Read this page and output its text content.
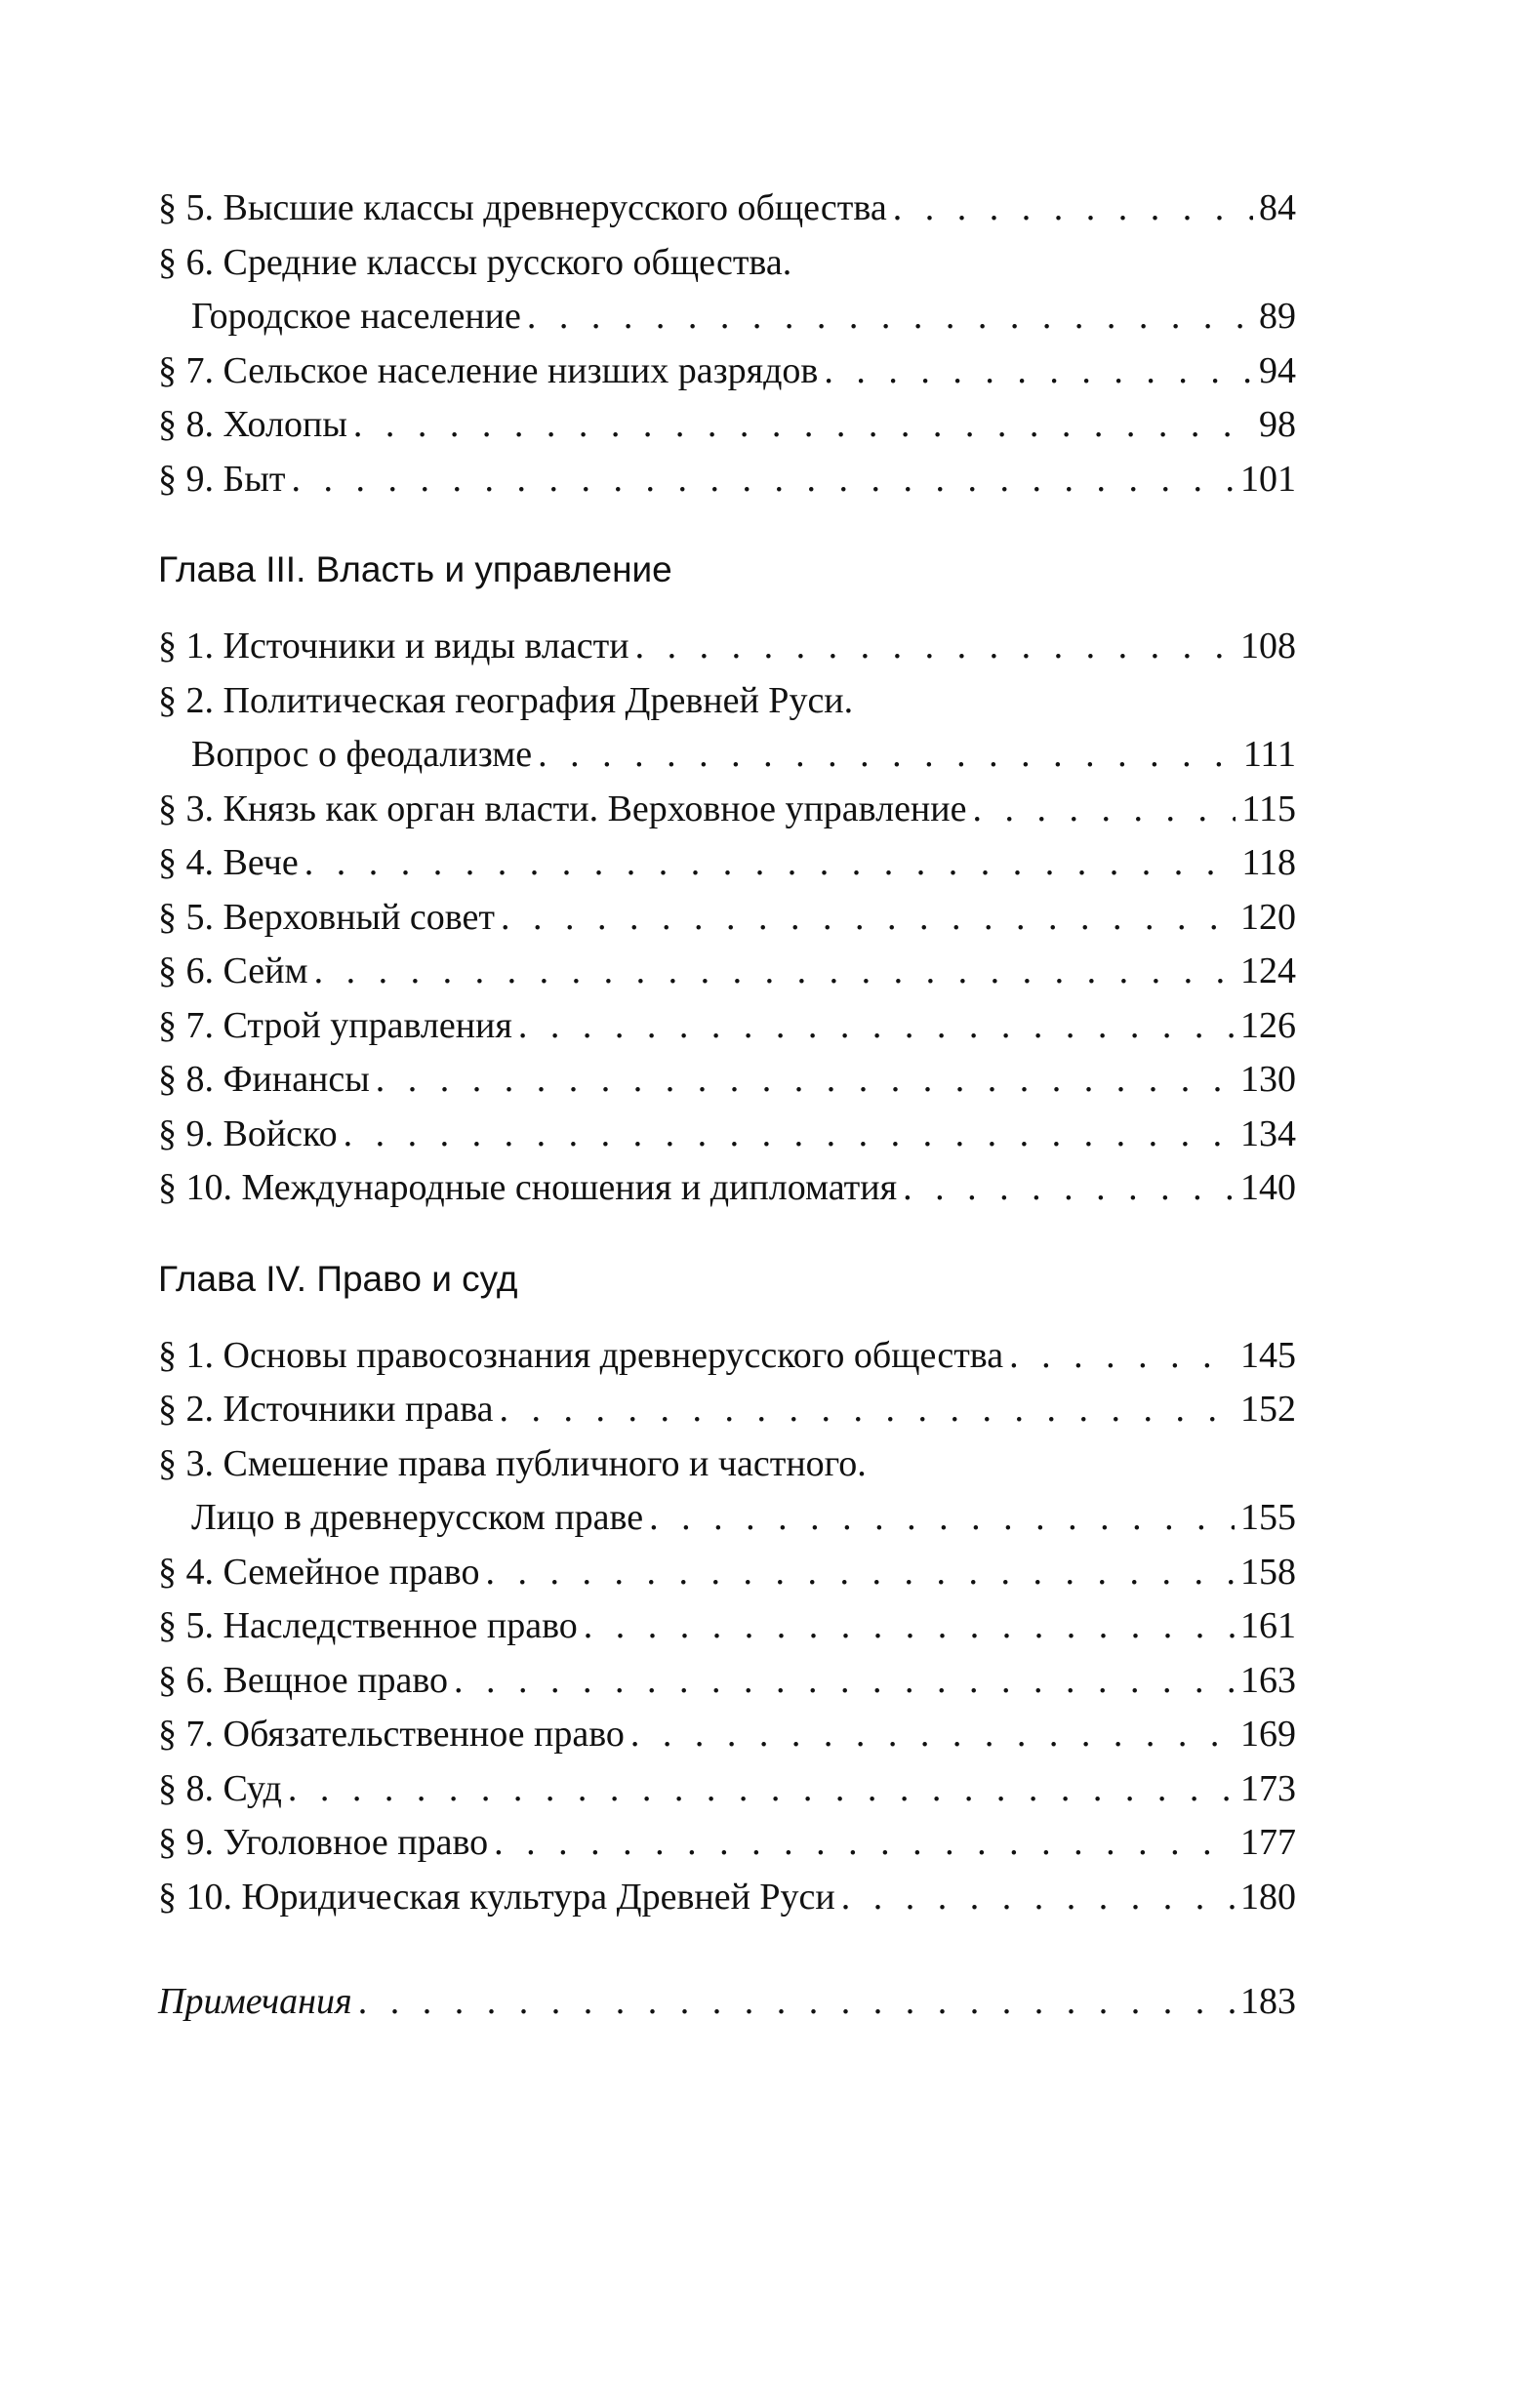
§ 5. Высшие классы древнерусского общества . . .	84
§ 6. Средние классы русского общества.
Городское население . . .	89
§ 7. Сельское население низших разрядов . . .	94
§ 8. Холопы . . .	98
§ 9. Быт . . .	101
Глава III. Власть и управление
§ 1. Источники и виды власти . . .	108
§ 2. Политическая география Древней Руси.
Вопрос о феодализме . . .	111
§ 3. Князь как орган власти. Верховное управление . . .	115
§ 4. Вече . . .	118
§ 5. Верховный совет . . .	120
§ 6. Сейм . . .	124
§ 7. Строй управления . . .	126
§ 8. Финансы . . .	130
§ 9. Войско . . .	134
§ 10. Международные сношения и дипломатия . . .	140
Глава IV. Право и суд
§ 1. Основы правосознания древнерусского общества . . .	145
§ 2. Источники права . . .	152
§ 3. Смешение права публичного и частного.
Лицо в древнерусском праве . . .	155
§ 4. Семейное право . . .	158
§ 5. Наследственное право . . .	161
§ 6. Вещное право . . .	163
§ 7. Обязательственное право . . .	169
§ 8. Суд . . .	173
§ 9. Уголовное право . . .	177
§ 10. Юридическая культура Древней Руси . . .	180
Примечания . . .	183
